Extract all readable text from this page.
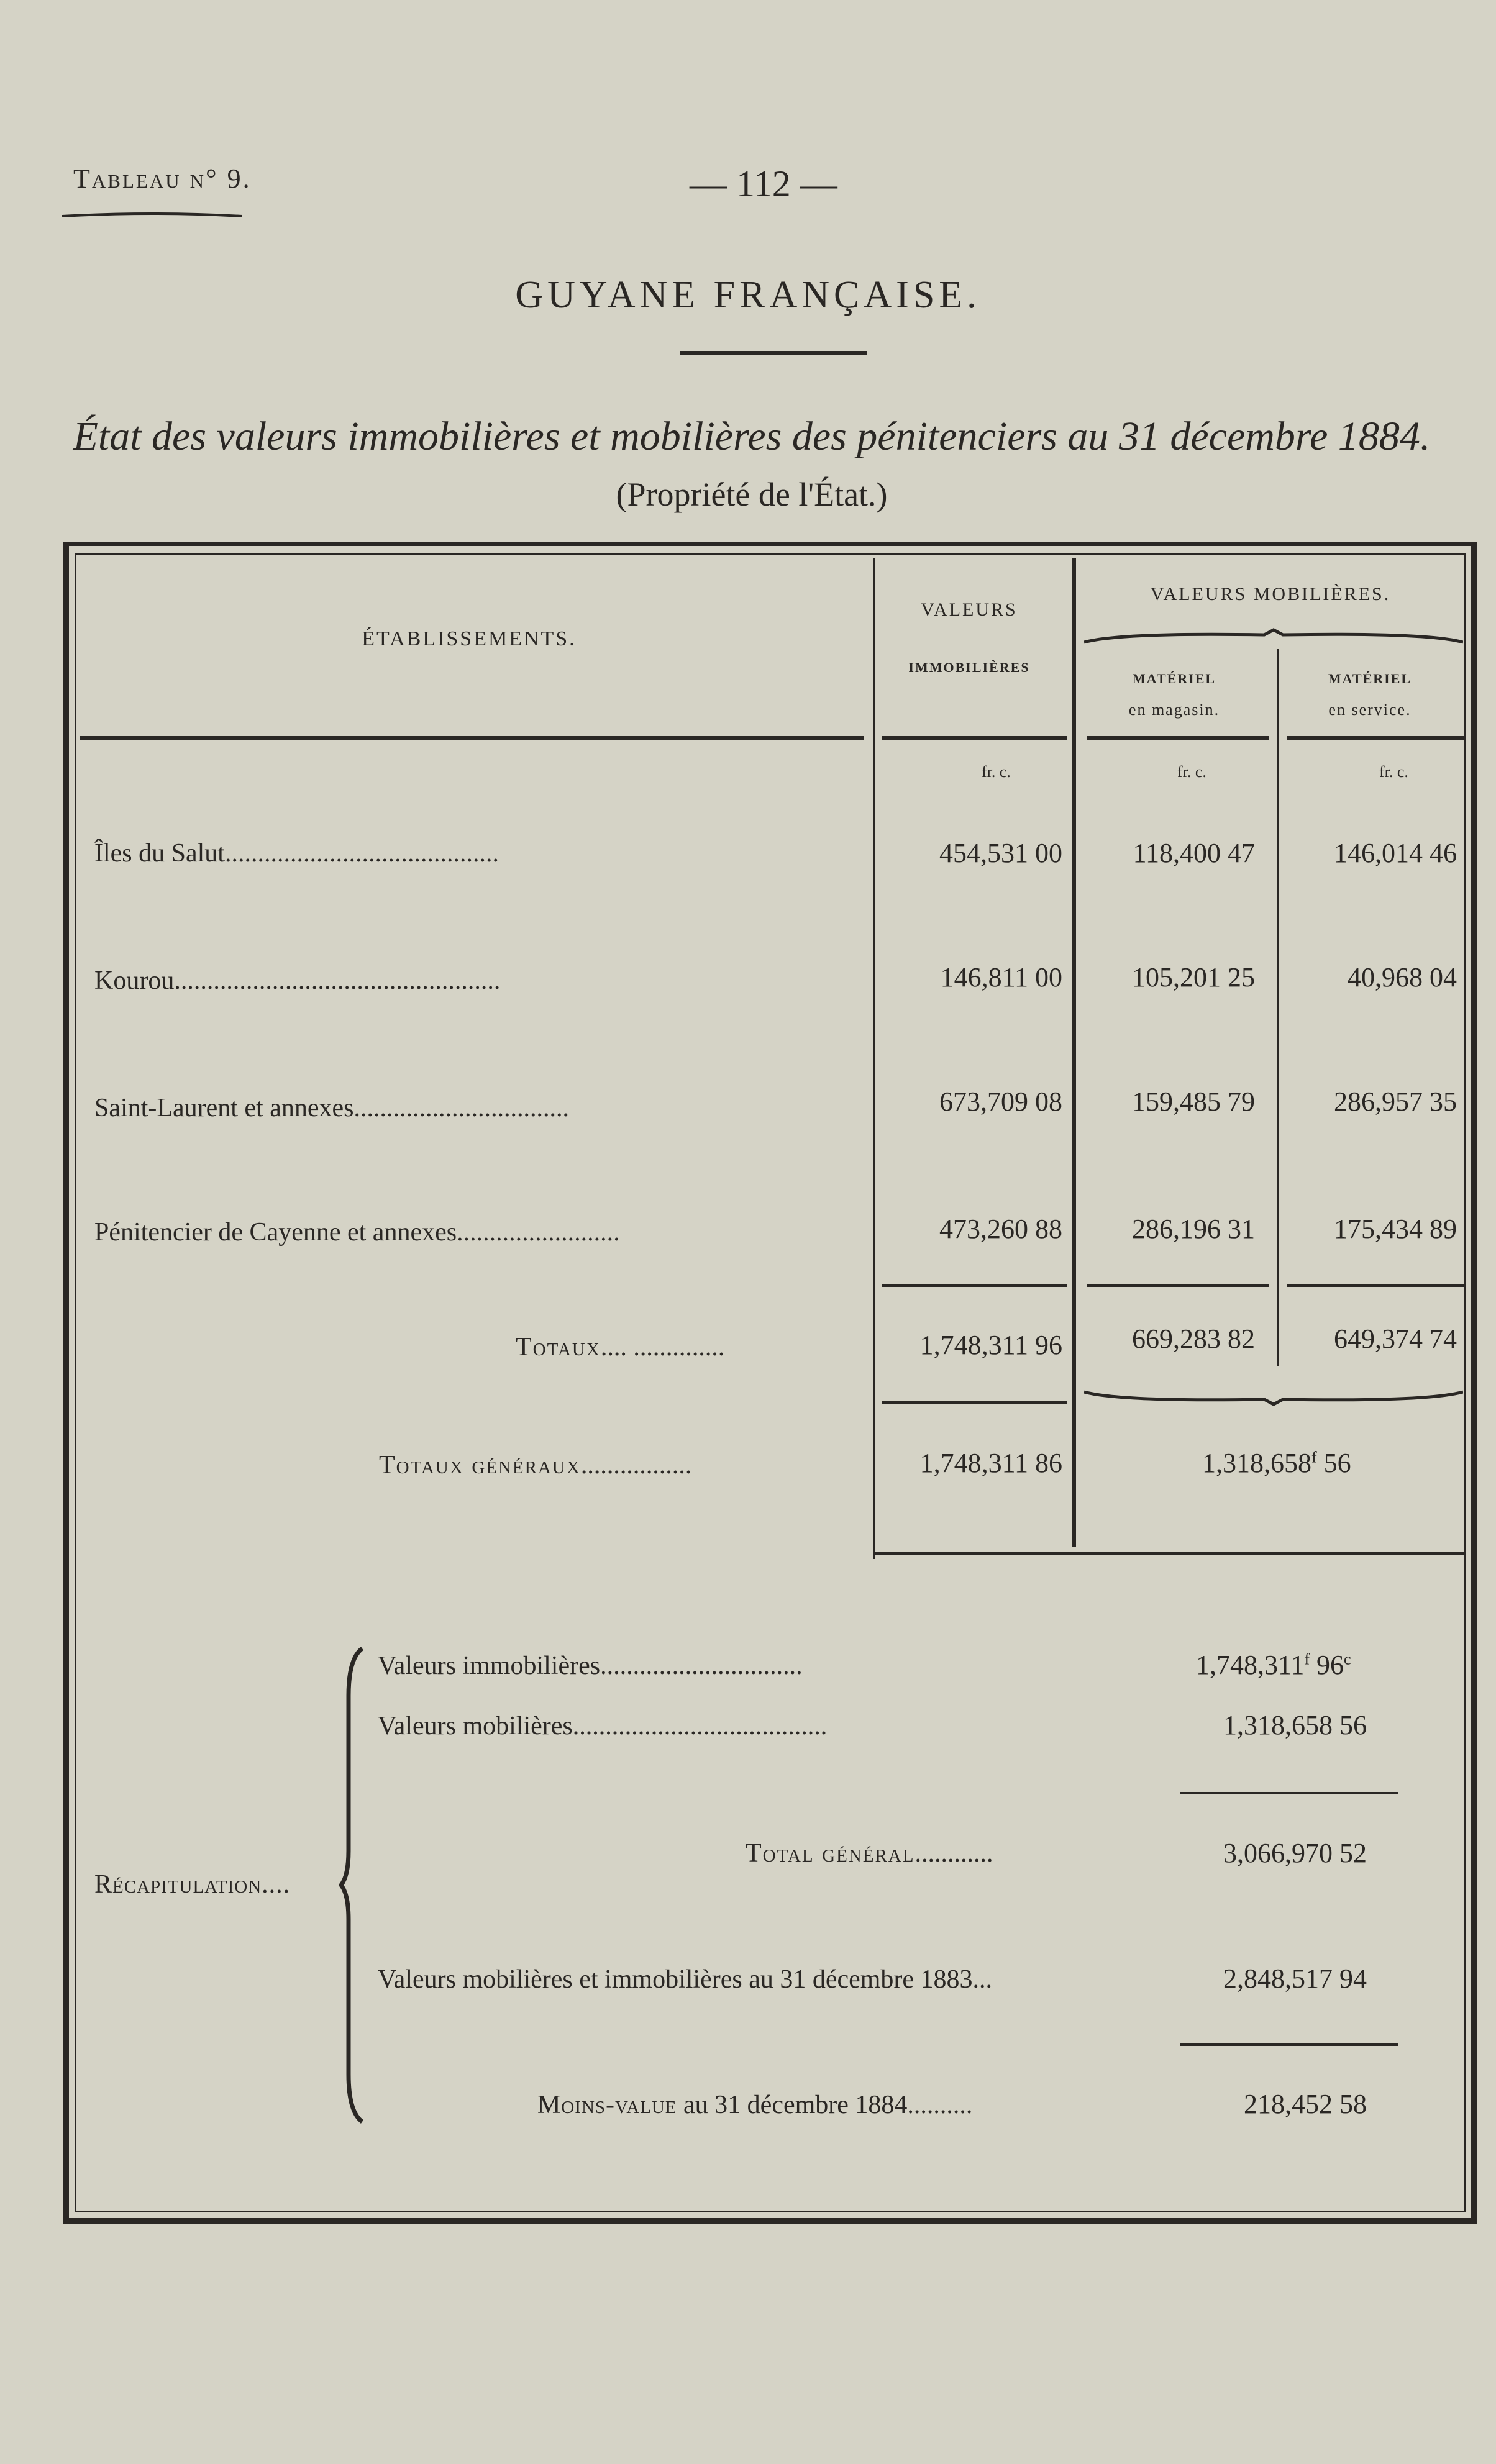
Tableau n° 9.	— 112 —
GUYANE FRANÇAISE.
État des valeurs immobilières et mobilières des pénitenciers au 31 décembre 1884.
(Propriété de l'État.)
ÉTABLISSEMENTS.
VALEURS
IMMOBILIÈRES
VALEURS MOBILIÈRES.
MATÉRIEL
en magasin.
MATÉRIEL
en service.
fr. c.	fr. c.	fr. c.
Îles du Salut..........................................	454,531 00	118,400 47	146,014 46
Kourou..................................................	146,811 00	105,201 25	40,968 04
Saint-Laurent et annexes.................................	673,709 08	159,485 79	286,957 35
Pénitencier de Cayenne et annexes.........................	473,260 88	286,196 31	175,434 89
Totaux.... ..............	1,748,311 96	669,283 82	649,374 74
Totaux généraux.................	1,748,311 86	1,318,658$^f$ 56
Récapitulation....
Valeurs immobilières...............................	1,748,311$^f$ 96$^c$
Valeurs mobilières.......................................	1,318,658 56
Total général............	3,066,970 52
Valeurs mobilières et immobilières au 31 décembre 1883...	2,848,517 94
Moins-value au 31 décembre 1884..........	218,452 58
